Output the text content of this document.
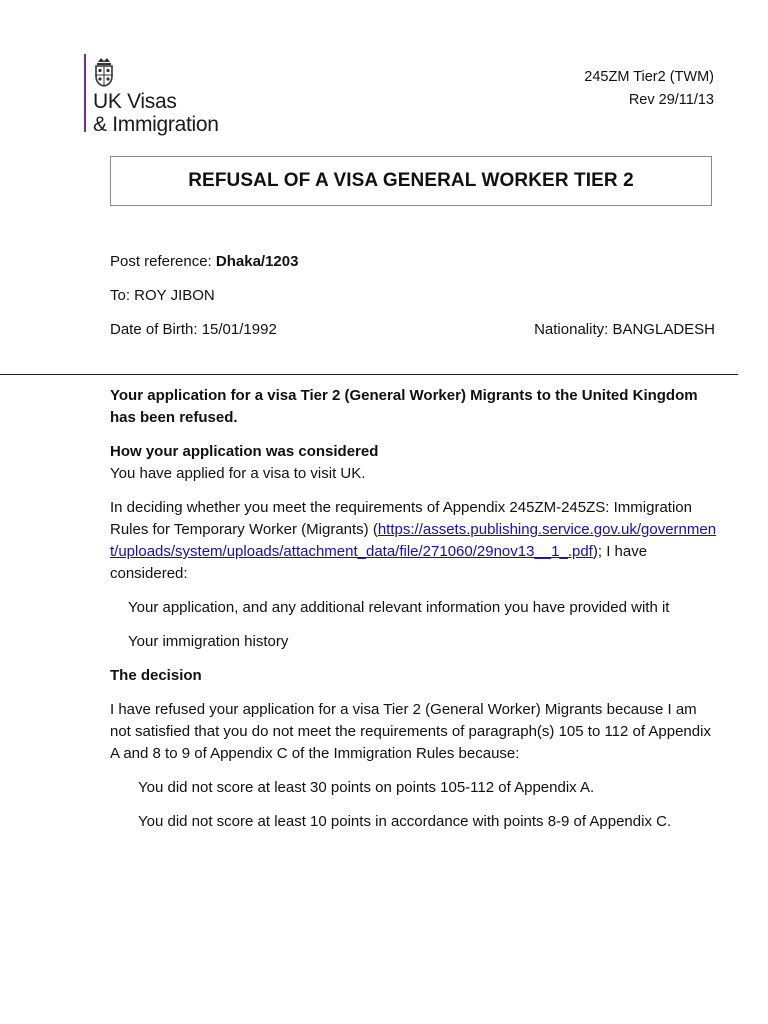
UK Visas
& Immigration
245ZM Tier2 (TWM)
Rev 29/11/13
REFUSAL OF A VISA GENERAL WORKER TIER 2
Post reference: Dhaka/1203
To: ROY JIBON
Date of Birth: 15/01/1992	Nationality: BANGLADESH

Your application for a visa Tier 2 (General Worker) Migrants to the United Kingdom has been refused.

How your application was considered
You have applied for a visa to visit UK.

In deciding whether you meet the requirements of Appendix 245ZM-245ZS: Immigration Rules for Temporary Worker (Migrants) (https://assets.publishing.service.gov.uk/government/uploads/system/uploads/attachment_data/file/271060/29nov13__1_.pdf); I have considered:

Your application, and any additional relevant information you have provided with it

Your immigration history

The decision

I have refused your application for a visa Tier 2 (General Worker) Migrants because I am not satisfied that you do not meet the requirements of paragraph(s) 105 to 112 of Appendix A and 8 to 9 of Appendix C of the Immigration Rules because:

You did not score at least 30 points on points 105-112 of Appendix A.

You did not score at least 10 points in accordance with points 8-9 of Appendix C.
